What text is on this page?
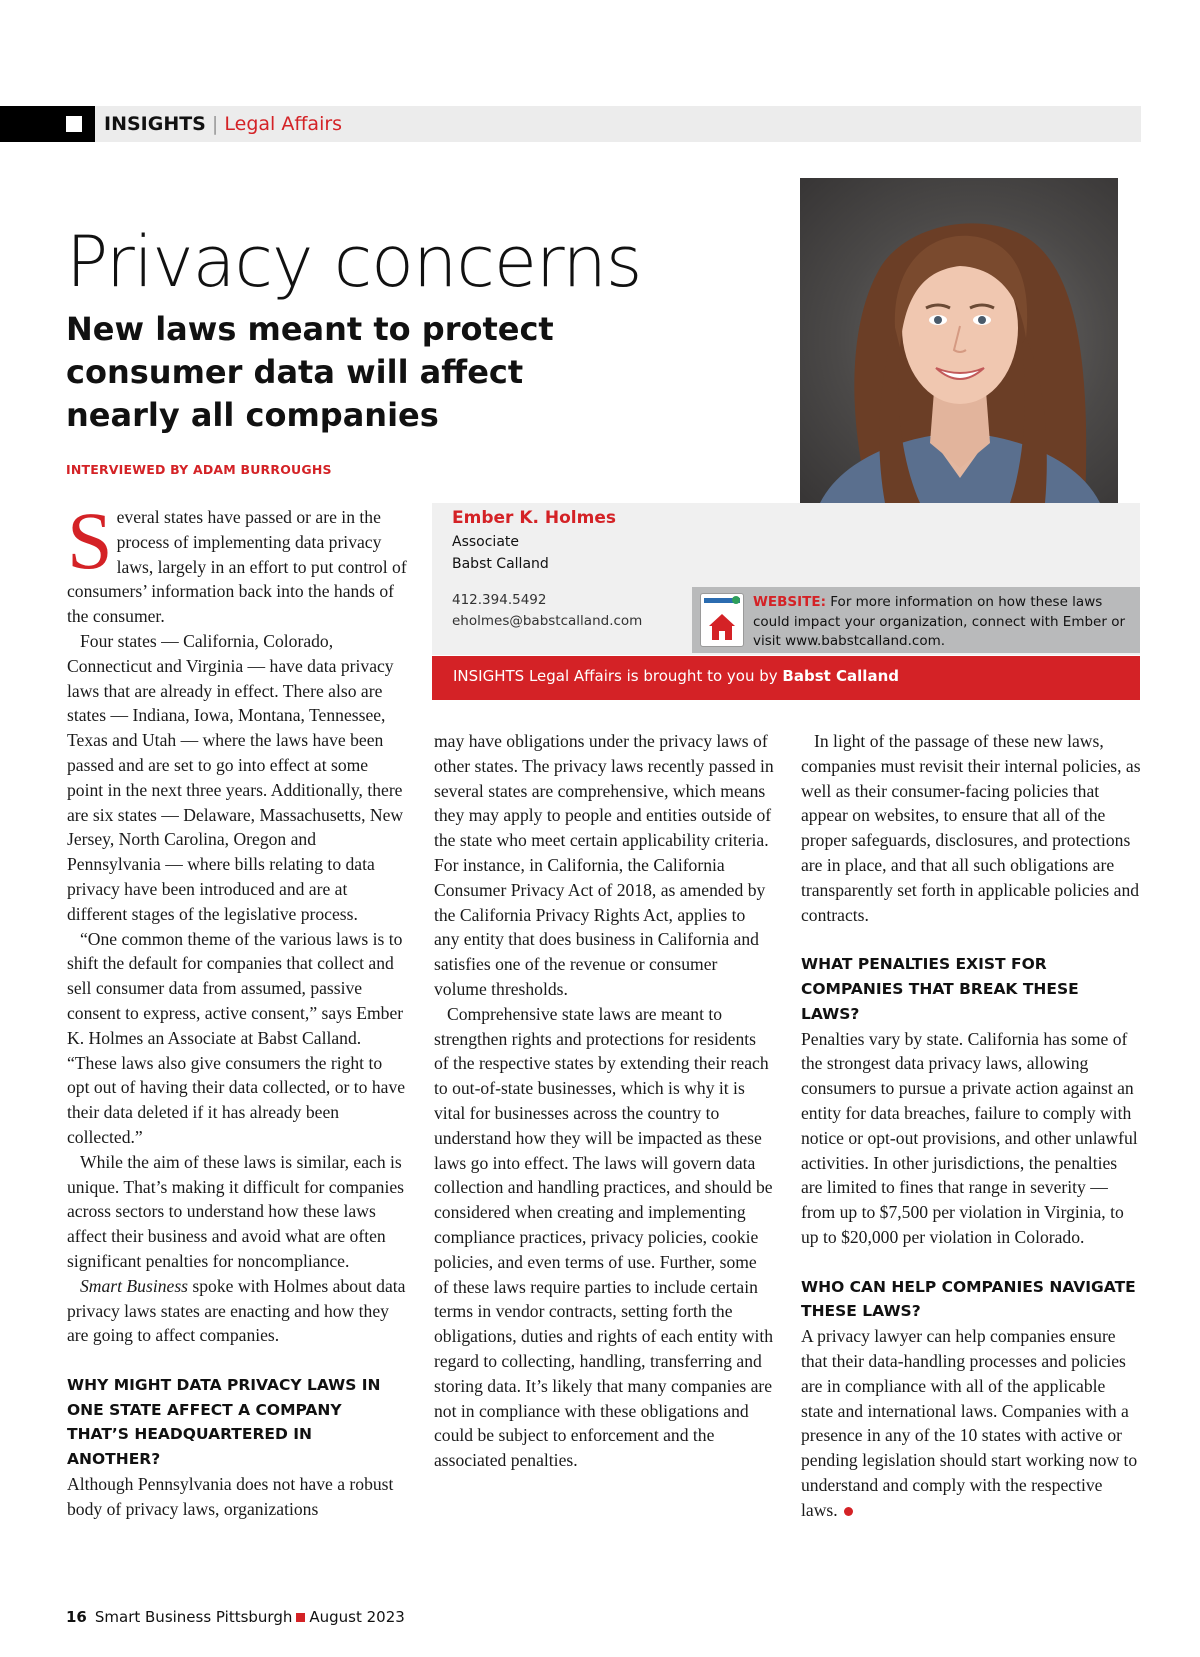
INSIGHTS | Legal Affairs
Privacy concerns
New laws meant to protect consumer data will affect nearly all companies
INTERVIEWED BY ADAM BURROUGHS
Ember K. Holmes
Associate
Babst Calland
412.394.5492
eholmes@babstcalland.com
WEBSITE: For more information on how these laws could impact your organization, connect with Ember or visit www.babstcalland.com.
INSIGHTS Legal Affairs is brought to you by Babst Calland

Several states have passed or are in the process of implementing data privacy laws, largely in an effort to put control of consumers’ information back into the hands of the consumer.

Four states — California, Colorado, Connecticut and Virginia — have data privacy laws that are already in effect. There also are states — Indiana, Iowa, Montana, Tennessee, Texas and Utah — where the laws have been passed and are set to go into effect at some point in the next three years. Additionally, there are six states — Delaware, Massachusetts, New Jersey, North Carolina, Oregon and Pennsylvania — where bills relating to data privacy have been introduced and are at different stages of the legislative process.

“One common theme of the various laws is to shift the default for companies that collect and sell consumer data from assumed, passive consent to express, active consent,” says Ember K. Holmes an Associate at Babst Calland. “These laws also give consumers the right to opt out of having their data collected, or to have their data deleted if it has already been collected.”

While the aim of these laws is similar, each is unique. That’s making it difficult for companies across sectors to understand how these laws affect their business and avoid what are often significant penalties for noncompliance.

Smart Business spoke with Holmes about data privacy laws states are enacting and how they are going to affect companies.

WHY MIGHT DATA PRIVACY LAWS IN ONE STATE AFFECT A COMPANY THAT’S HEADQUARTERED IN ANOTHER?

Although Pennsylvania does not have a robust body of privacy laws, organizations

may have obligations under the privacy laws of other states. The privacy laws recently passed in several states are comprehensive, which means they may apply to people and entities outside of the state who meet certain applicability criteria. For instance, in California, the California Consumer Privacy Act of 2018, as amended by the California Privacy Rights Act, applies to any entity that does business in California and satisfies one of the revenue or consumer volume thresholds.

Comprehensive state laws are meant to strengthen rights and protections for residents of the respective states by extending their reach to out-of-state businesses, which is why it is vital for businesses across the country to understand how they will be impacted as these laws go into effect. The laws will govern data collection and handling practices, and should be considered when creating and implementing compliance practices, privacy policies, cookie policies, and even terms of use. Further, some of these laws require parties to include certain terms in vendor contracts, setting forth the obligations, duties and rights of each entity with regard to collecting, handling, transferring and storing data. It’s likely that many companies are not in compliance with these obligations and could be subject to enforcement and the associated penalties.

In light of the passage of these new laws, companies must revisit their internal policies, as well as their consumer-facing policies that appear on websites, to ensure that all of the proper safeguards, disclosures, and protections are in place, and that all such obligations are transparently set forth in applicable policies and contracts.

WHAT PENALTIES EXIST FOR COMPANIES THAT BREAK THESE LAWS?

Penalties vary by state. California has some of the strongest data privacy laws, allowing consumers to pursue a private action against an entity for data breaches, failure to comply with notice or opt-out provisions, and other unlawful activities. In other jurisdictions, the penalties are limited to fines that range in severity — from up to $7,500 per violation in Virginia, to up to $20,000 per violation in Colorado.

WHO CAN HELP COMPANIES NAVIGATE THESE LAWS?

A privacy lawyer can help companies ensure that their data-handling processes and policies are in compliance with all of the applicable state and international laws. Companies with a presence in any of the 10 states with active or pending legislation should start working now to understand and comply with the respective laws.

16 Smart Business Pittsburgh August 2023
